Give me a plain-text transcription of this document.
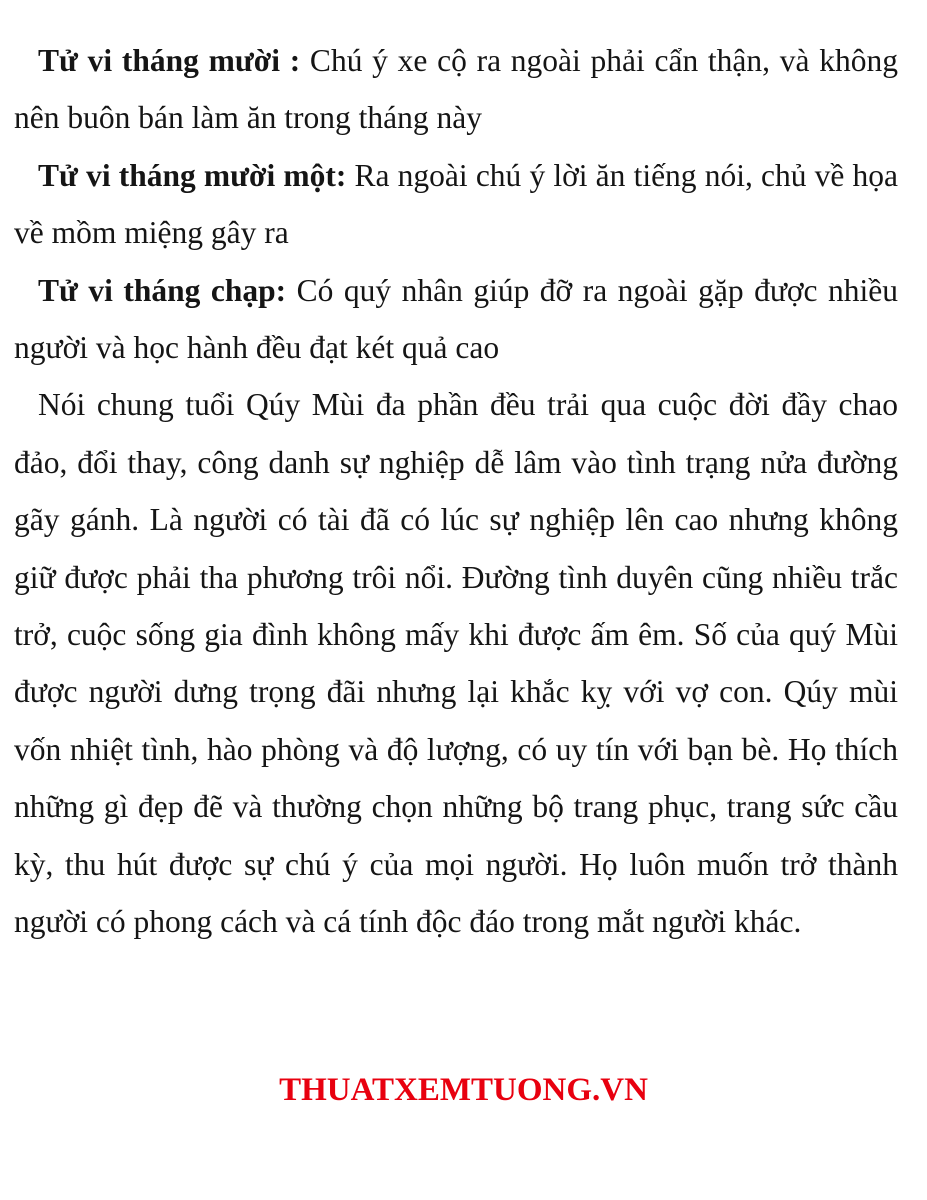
Tử vi tháng mười : Chú ý xe cộ ra ngoài phải cẩn thận, và không nên buôn bán làm ăn trong tháng này

Tử vi tháng mười một: Ra ngoài chú ý lời ăn tiếng nói, chủ về họa về mồm miệng gây ra

Tử vi tháng chạp: Có quý nhân giúp đỡ ra ngoài gặp được nhiều người và học hành đều đạt két quả cao

Nói chung tuổi Qúy Mùi đa phần đều trải qua cuộc đời đầy chao đảo, đổi thay, công danh sự nghiệp dễ lâm vào tình trạng nửa đường gãy gánh. Là người có tài đã có lúc sự nghiệp lên cao nhưng không giữ được phải tha phương trôi nổi. Đường tình duyên cũng nhiều trắc trở, cuộc sống gia đình không mấy khi được ấm êm. Số của quý Mùi được người dưng trọng đãi nhưng lại khắc kỵ với vợ con. Qúy mùi vốn nhiệt tình, hào phòng và độ lượng, có uy tín với bạn bè. Họ thích những gì đẹp đẽ và thường chọn những bộ trang phục, trang sức cầu kỳ, thu hút được sự chú ý của mọi người. Họ luôn muốn trở thành người có phong cách và cá tính độc đáo trong mắt người khác.

THUATXEMTUONG.VN
